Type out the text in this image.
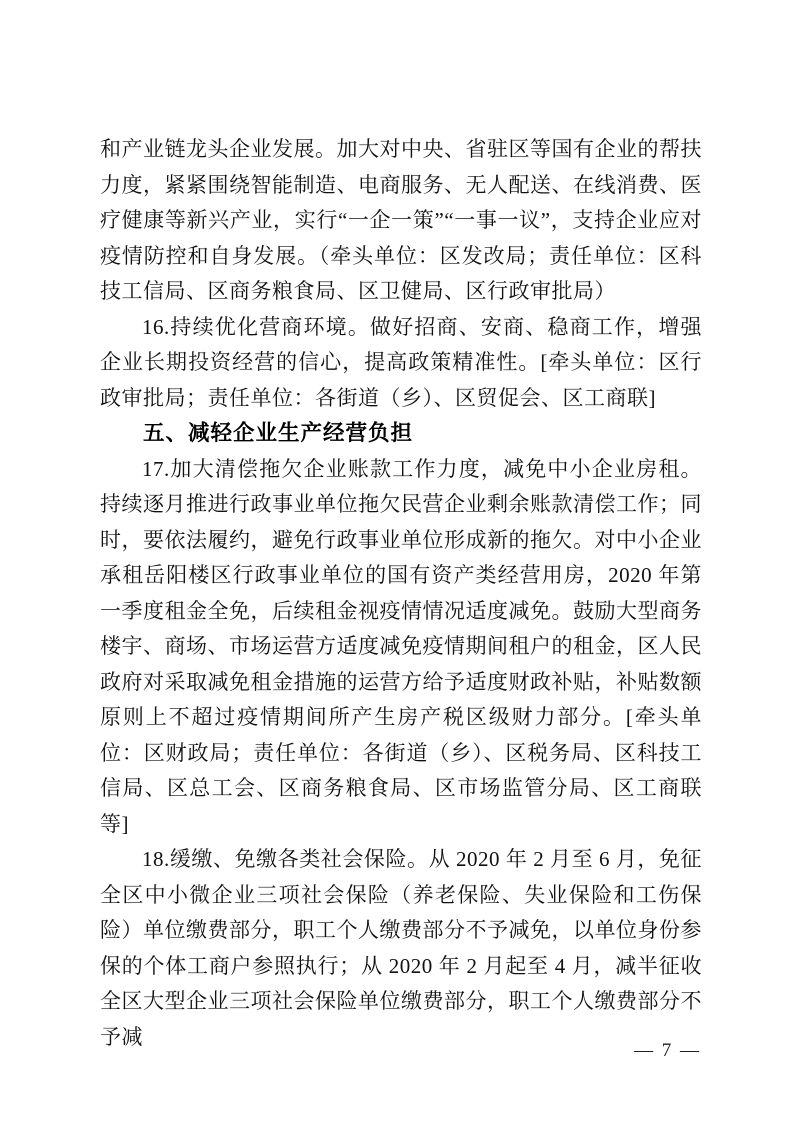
和产业链龙头企业发展。加大对中央、省驻区等国有企业的帮扶力度，紧紧围绕智能制造、电商服务、无人配送、在线消费、医疗健康等新兴产业，实行“一企一策”“一事一议”，支持企业应对疫情防控和自身发展。（牵头单位：区发改局；责任单位：区科技工信局、区商务粮食局、区卫健局、区行政审批局）

16.持续优化营商环境。做好招商、安商、稳商工作，增强企业长期投资经营的信心，提高政策精准性。[牵头单位：区行政审批局；责任单位：各街道（乡）、区贸促会、区工商联]

五、减轻企业生产经营负担

17.加大清偿拖欠企业账款工作力度，减免中小企业房租。持续逐月推进行政事业单位拖欠民营企业剩余账款清偿工作；同时，要依法履约，避免行政事业单位形成新的拖欠。对中小企业承租岳阳楼区行政事业单位的国有资产类经营用房，2020 年第一季度租金全免，后续租金视疫情情况适度减免。鼓励大型商务楼宇、商场、市场运营方适度减免疫情期间租户的租金，区人民政府对采取减免租金措施的运营方给予适度财政补贴，补贴数额原则上不超过疫情期间所产生房产税区级财力部分。[牵头单位：区财政局；责任单位：各街道（乡）、区税务局、区科技工信局、区总工会、区商务粮食局、区市场监管分局、区工商联等]

18.缓缴、免缴各类社会保险。从 2020 年 2 月至 6 月，免征全区中小微企业三项社会保险（养老保险、失业保险和工伤保险）单位缴费部分，职工个人缴费部分不予减免，以单位身份参保的个体工商户参照执行；从 2020 年 2 月起至 4 月，减半征收全区大型企业三项社会保险单位缴费部分，职工个人缴费部分不予减

— 7 —
